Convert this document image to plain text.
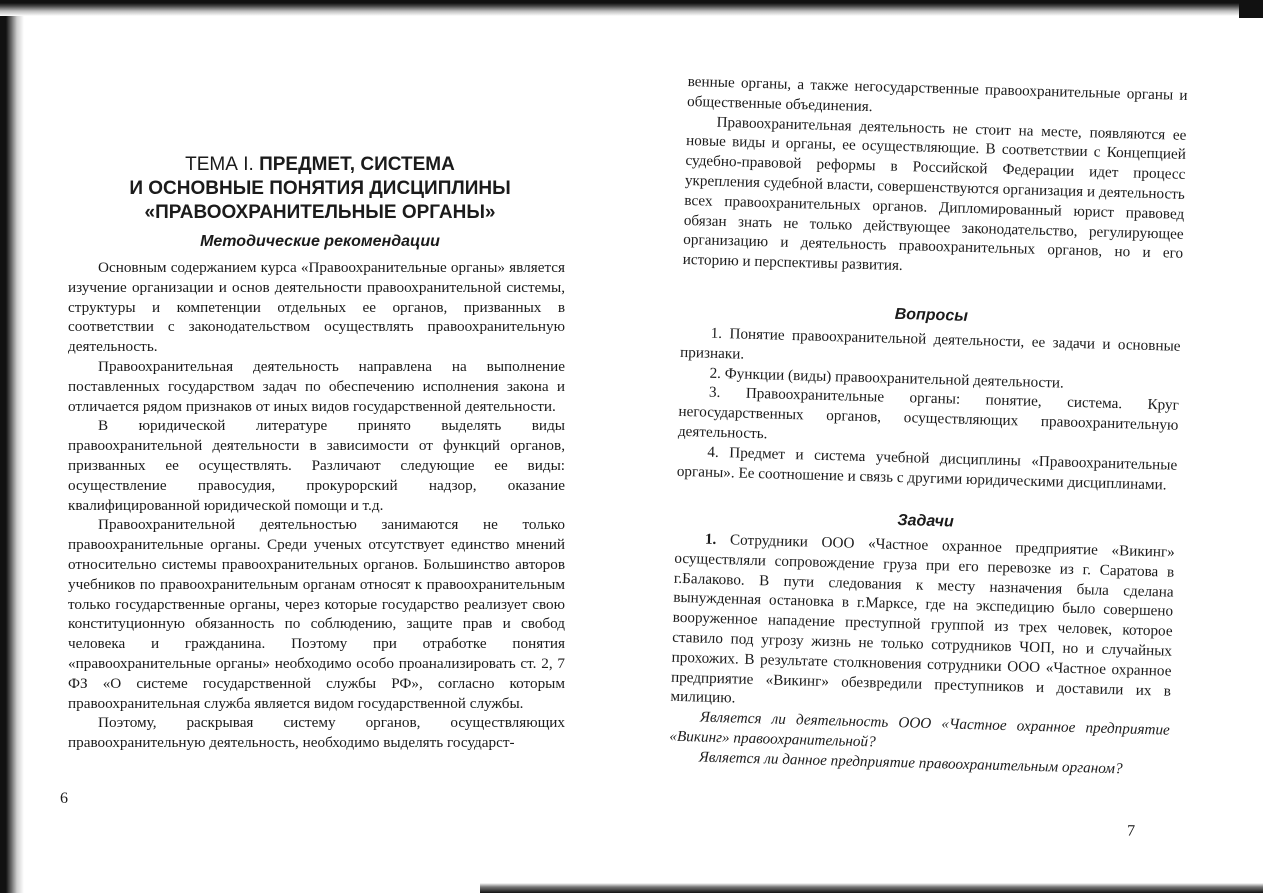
ТЕМА I. ПРЕДМЕТ, СИСТЕМА
И ОСНОВНЫЕ ПОНЯТИЯ ДИСЦИПЛИНЫ
«ПРАВООХРАНИТЕЛЬНЫЕ ОРГАНЫ»
Методические рекомендации

Основным содержанием курса «Правоохранительные органы» является изучение организации и основ деятельности правоохранительной системы, структуры и компетенции отдельных ее органов, призванных в соответствии с законодательством осуществлять правоохранительную деятельность.

Правоохранительная деятельность направлена на выполнение поставленных государством задач по обеспечению исполнения закона и отличается рядом признаков от иных видов государственной деятельности.

В юридической литературе принято выделять виды правоохранительной деятельности в зависимости от функций органов, призванных ее осуществлять. Различают следующие ее виды: осуществление правосудия, прокурорский надзор, оказание квалифицированной юридической помощи и т.д.

Правоохранительной деятельностью занимаются не только правоохранительные органы. Среди ученых отсутствует единство мнений относительно системы правоохранительных органов. Большинство авторов учебников по правоохранительным органам относят к правоохранительным только государственные органы, через которые государство реализует свою конституционную обязанность по соблюдению, защите прав и свобод человека и гражданина. Поэтому при отработке понятия «правоохранительные органы» необходимо особо проанализировать ст. 2, 7 ФЗ «О системе государственной службы РФ», согласно которым правоохранительная служба является видом государственной службы.

Поэтому, раскрывая систему органов, осуществляющих правоохранительную деятельность, необходимо выделять государст-

6

венные органы, а также негосударственные правоохранительные органы и общественные объединения.

Правоохранительная деятельность не стоит на месте, появляются ее новые виды и органы, ее осуществляющие. В соответствии с Концепцией судебно-правовой реформы в Российской Федерации идет процесс укрепления судебной власти, совершенствуются организация и деятельность всех правоохранительных органов. Дипломированный юрист правовед обязан знать не только действующее законодательство, регулирующее организацию и деятельность правоохранительных органов, но и его историю и перспективы развития.

Вопросы

1. Понятие правоохранительной деятельности, ее задачи и основные признаки.

2. Функции (виды) правоохранительной деятельности.

3. Правоохранительные органы: понятие, система. Круг негосударственных органов, осуществляющих правоохранительную деятельность.

4. Предмет и система учебной дисциплины «Правоохранительные органы». Ее соотношение и связь с другими юридическими дисциплинами.

Задачи

1. Сотрудники ООО «Частное охранное предприятие «Викинг» осуществляли сопровождение груза при его перевозке из г. Саратова в г.Балаково. В пути следования к месту назначения была сделана вынужденная остановка в г.Марксе, где на экспедицию было совершено вооруженное нападение преступной группой из трех человек, которое ставило под угрозу жизнь не только сотрудников ЧОП, но и случайных прохожих. В результате столкновения сотрудники ООО «Частное охранное предприятие «Викинг» обезвредили преступников и доставили их в милицию.

Является ли деятельность ООО «Частное охранное предприятие «Викинг» правоохранительной?

Является ли данное предприятие правоохранительным органом?

7
